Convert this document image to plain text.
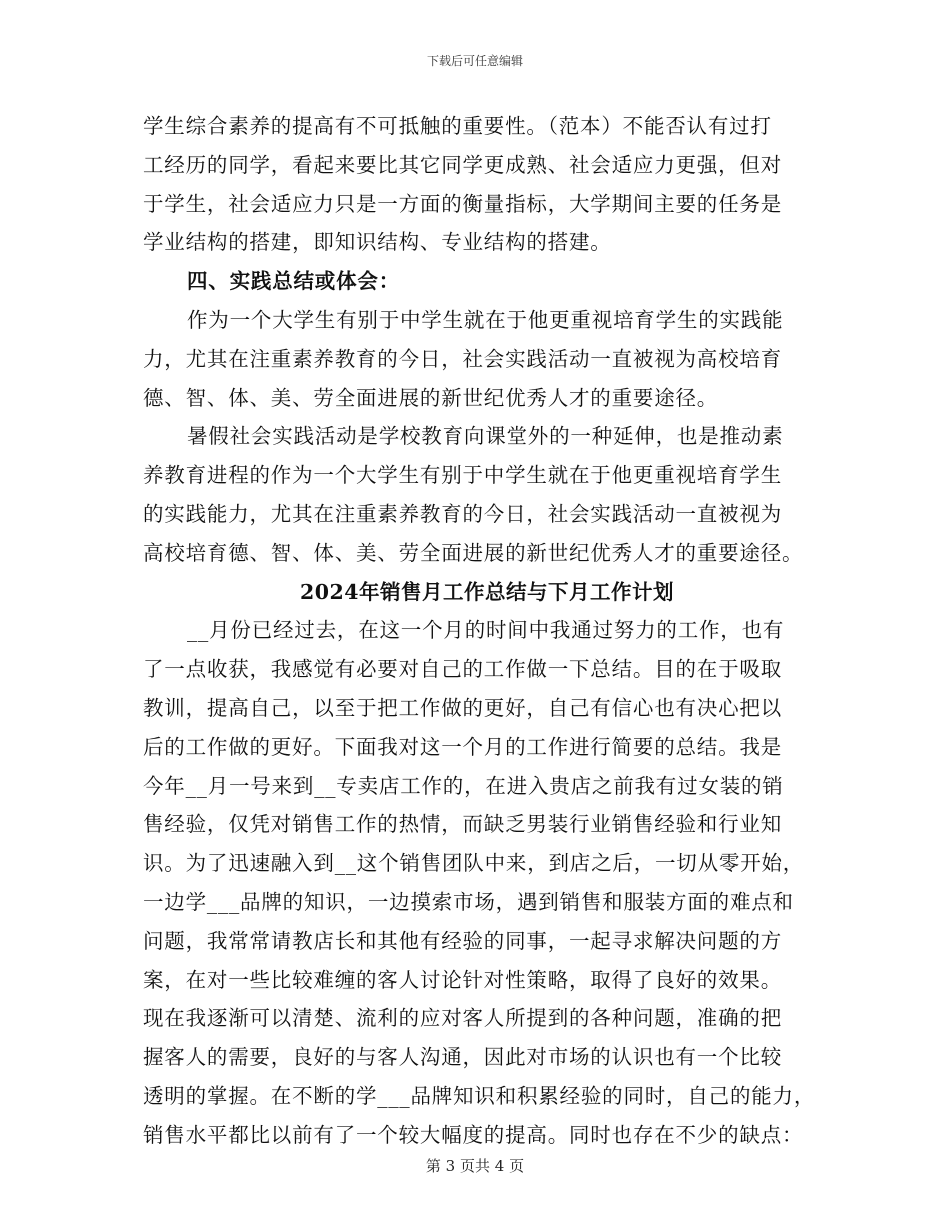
下载后可任意编辑
学生综合素养的提高有不可抵触的重要性。（范本）不能否认有过打
工经历的同学，看起来要比其它同学更成熟、社会适应力更强，但对
于学生，社会适应力只是一方面的衡量指标，大学期间主要的任务是
学业结构的搭建，即知识结构、专业结构的搭建。
四、实践总结或体会：
作为一个大学生有别于中学生就在于他更重视培育学生的实践能
力，尤其在注重素养教育的今日，社会实践活动一直被视为高校培育
德、智、体、美、劳全面进展的新世纪优秀人才的重要途径。
暑假社会实践活动是学校教育向课堂外的一种延伸，也是推动素
养教育进程的作为一个大学生有别于中学生就在于他更重视培育学生
的实践能力，尤其在注重素养教育的今日，社会实践活动一直被视为
高校培育德、智、体、美、劳全面进展的新世纪优秀人才的重要途径。
2024年销售月工作总结与下月工作计划
__月份已经过去，在这一个月的时间中我通过努力的工作，也有
了一点收获，我感觉有必要对自己的工作做一下总结。目的在于吸取
教训，提高自己，以至于把工作做的更好，自己有信心也有决心把以
后的工作做的更好。下面我对这一个月的工作进行简要的总结。我是
今年__月一号来到__专卖店工作的，在进入贵店之前我有过女装的销
售经验，仅凭对销售工作的热情，而缺乏男装行业销售经验和行业知
识。为了迅速融入到__这个销售团队中来，到店之后，一切从零开始，
一边学___品牌的知识，一边摸索市场，遇到销售和服装方面的难点和
问题，我常常请教店长和其他有经验的同事，一起寻求解决问题的方
案，在对一些比较难缠的客人讨论针对性策略，取得了良好的效果。
现在我逐渐可以清楚、流利的应对客人所提到的各种问题，准确的把
握客人的需要，良好的与客人沟通，因此对市场的认识也有一个比较
透明的掌握。在不断的学___品牌知识和积累经验的同时，自己的能力，
销售水平都比以前有了一个较大幅度的提高。同时也存在不少的缺点：
第 3 页共 4 页
